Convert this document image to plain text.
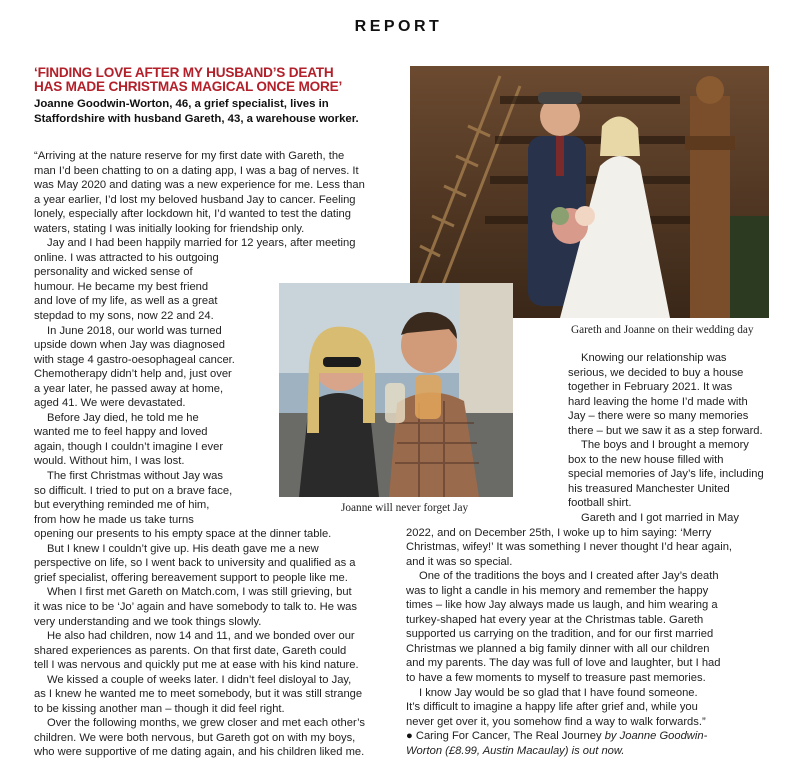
REPORT
‘FINDING LOVE AFTER MY HUSBAND’S DEATH
HAS MADE CHRISTMAS MAGICAL ONCE MORE’
Joanne Goodwin-Worton, 46, a grief specialist, lives in
Staffordshire with husband Gareth, 43, a warehouse worker.
Gareth and Joanne on their wedding day
Joanne will never forget Jay
“Arriving at the nature reserve for my first date with Gareth, the
man I’d been chatting to on a dating app, I was a bag of nerves. It
was May 2020 and dating was a new experience for me. Less than
a year earlier, I’d lost my beloved husband Jay to cancer. Feeling
lonely, especially after lockdown hit, I’d wanted to test the dating
waters, stating I was initially looking for friendship only.
Jay and I had been happily married for 12 years, after meeting
online. I was attracted to his outgoing
personality and wicked sense of
humour. He became my best friend
and love of my life, as well as a great
stepdad to my sons, now 22 and 24.
In June 2018, our world was turned
upside down when Jay was diagnosed
with stage 4 gastro-oesophageal cancer.
Chemotherapy didn’t help and, just over
a year later, he passed away at home,
aged 41. We were devastated.
Before Jay died, he told me he
wanted me to feel happy and loved
again, though I couldn’t imagine I ever
would. Without him, I was lost.
The first Christmas without Jay was
so difficult. I tried to put on a brave face,
but everything reminded me of him,
from how he made us take turns
opening our presents to his empty space at the dinner table.
But I knew I couldn’t give up. His death gave me a new
perspective on life, so I went back to university and qualified as a
grief specialist, offering bereavement support to people like me.
When I first met Gareth on Match.com, I was still grieving, but
it was nice to be ‘Jo’ again and have somebody to talk to. He was
very understanding and we took things slowly.
He also had children, now 14 and 11, and we bonded over our
shared experiences as parents. On that first date, Gareth could
tell I was nervous and quickly put me at ease with his kind nature.
We kissed a couple of weeks later. I didn’t feel disloyal to Jay,
as I knew he wanted me to meet somebody, but it was still strange
to be kissing another man – though it did feel right.
Over the following months, we grew closer and met each other’s
children. We were both nervous, but Gareth got on with my boys,
who were supportive of me dating again, and his children liked me.
Knowing our relationship was
serious, we decided to buy a house
together in February 2021. It was
hard leaving the home I’d made with
Jay – there were so many memories
there – but we saw it as a step forward.
The boys and I brought a memory
box to the new house filled with
special memories of Jay’s life, including
his treasured Manchester United
football shirt.
Gareth and I got married in May
2022, and on December 25th, I woke up to him saying: ‘Merry
Christmas, wifey!’ It was something I never thought I’d hear again,
and it was so special.
One of the traditions the boys and I created after Jay’s death
was to light a candle in his memory and remember the happy
times – like how Jay always made us laugh, and him wearing a
turkey-shaped hat every year at the Christmas table. Gareth
supported us carrying on the tradition, and for our first married
Christmas we planned a big family dinner with all our children
and my parents. The day was full of love and laughter, but I had
to have a few moments to myself to treasure past memories.
I know Jay would be so glad that I have found someone.
It’s difficult to imagine a happy life after grief and, while you
never get over it, you somehow find a way to walk forwards.”
● Caring For Cancer, The Real Journey by Joanne Goodwin-
Worton (£8.99, Austin Macaulay) is out now.
